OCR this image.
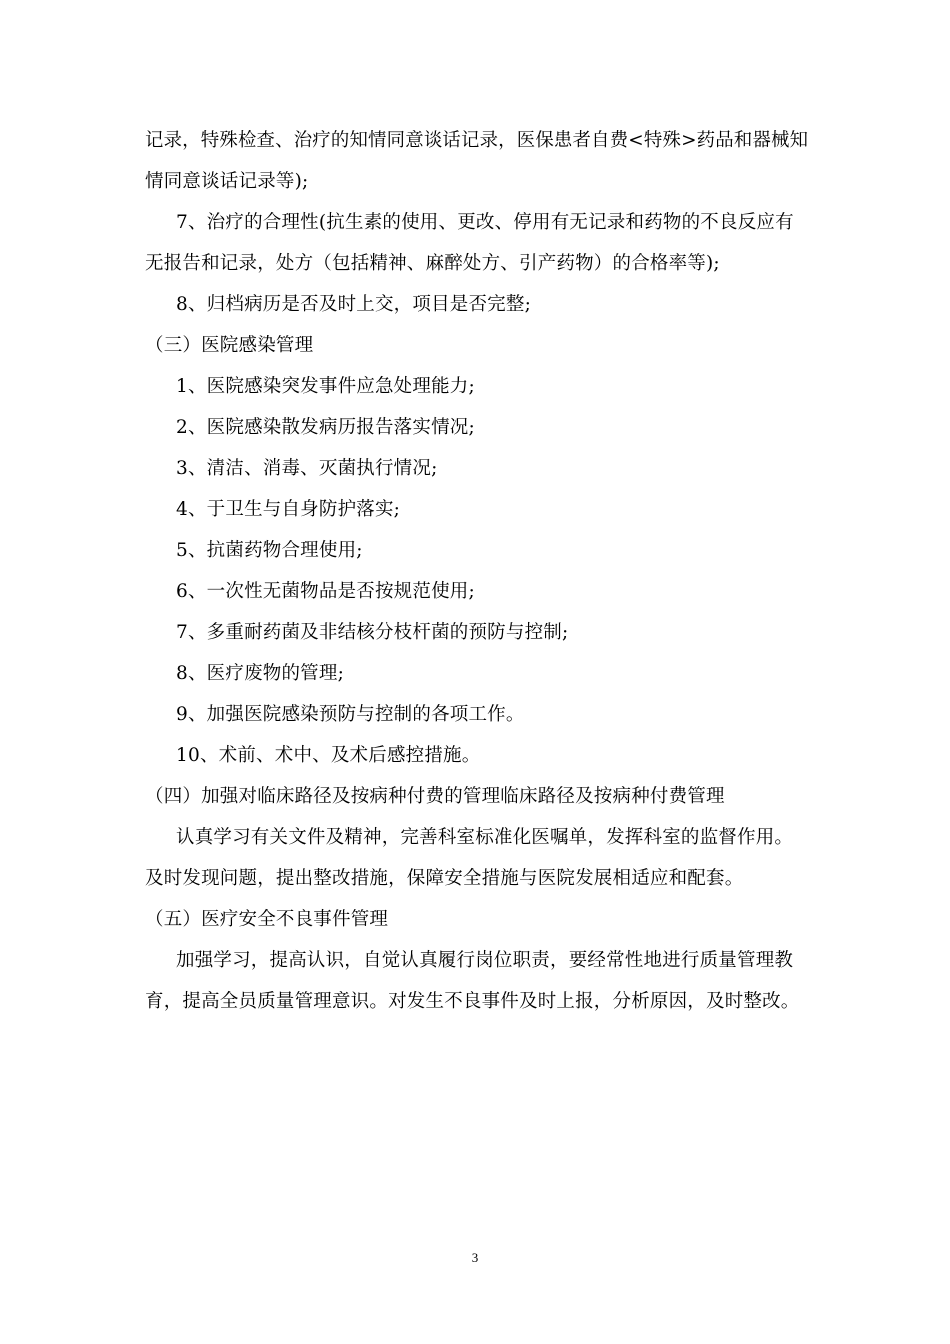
记录，特殊检查、治疗的知情同意谈话记录，医保患者自费<特殊>药品和器械知
情同意谈话记录等);
7、治疗的合理性(抗生素的使用、更改、停用有无记录和药物的不良反应有
无报告和记录，处方（包括精神、麻醉处方、引产药物）的合格率等);
8、归档病历是否及时上交，项目是否完整;
（三）医院感染管理
1、医院感染突发事件应急处理能力;
2、医院感染散发病历报告落实情况;
3、清洁、消毒、灭菌执行情况;
4、于卫生与自身防护落实;
5、抗菌药物合理使用;
6、一次性无菌物品是否按规范使用;
7、多重耐药菌及非结核分枝杆菌的预防与控制;
8、医疗废物的管理;
9、加强医院感染预防与控制的各项工作。
10、术前、术中、及术后感控措施。
（四）加强对临床路径及按病种付费的管理临床路径及按病种付费管理
认真学习有关文件及精神，完善科室标准化医嘱单，发挥科室的监督作用。
及时发现问题，提出整改措施，保障安全措施与医院发展相适应和配套。
（五）医疗安全不良事件管理
加强学习，提高认识，自觉认真履行岗位职责，要经常性地进行质量管理教
育，提高全员质量管理意识。对发生不良事件及时上报，分析原因，及时整改。
3
